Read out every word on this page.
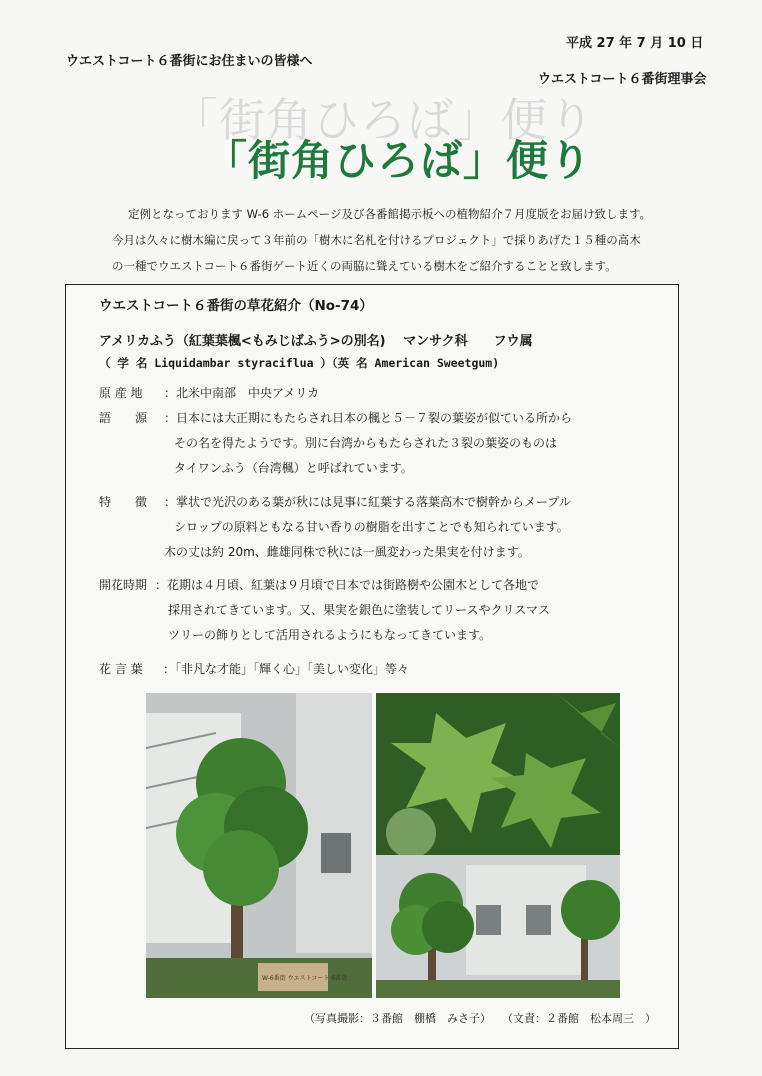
平成 27 年 7 月 10 日
ウエストコート６番街にお住まいの皆様へ
ウエストコート６番街理事会
「街角ひろば」便り
「街角ひろば」便り
定例となっております W-6 ホームページ及び各番館掲示板への植物紹介７月度版をお届け致します。
今月は久々に樹木編に戻って３年前の「樹木に名札を付けるプロジェクト」で採りあげた１５種の高木
の一種でウエストコート６番街ゲート近くの両脇に聳えている樹木をご紹介することと致します。
ウエストコート６番街の草花紹介（No-74）
アメリカふう（紅葉葉楓<もみじばふう>の別名)　 マンサク科　　フウ属
（ 学 名 Liquidambar styraciflua ）（英 名 American Sweetgum)
原 産 地 ：北米中南部　中央アメリカ
語　　源 ：日本には大正期にもたらされ日本の楓と５－７裂の葉姿が似ている所から
その名を得たようです。別に台湾からもたらされた３裂の葉姿のものは
タイワンふう（台湾楓）と呼ばれています。
特　　徴 ：掌状で光沢のある葉が秋には見事に紅葉する落葉高木で樹幹からメープル
シロップの原料ともなる甘い香りの樹脂を出すことでも知られています。
木の丈は約 20m、雌雄同株で秋には一風変わった果実を付けます。
開花時期 ：花期は４月頃、紅葉は９月頃で日本では街路樹や公園木として各地で
採用されてきています。又、果実を銀色に塗装してリースやクリスマス
ツリーの飾りとして活用されるようにもなってきています。
花 言 葉 ：「非凡な才能」「輝く心」「美しい変化」等々
W-6番街 ウエストコート 6番街
（写真撮影：３番館　棚橋　みさ子）　　（文責：２番館　松本周三　）
